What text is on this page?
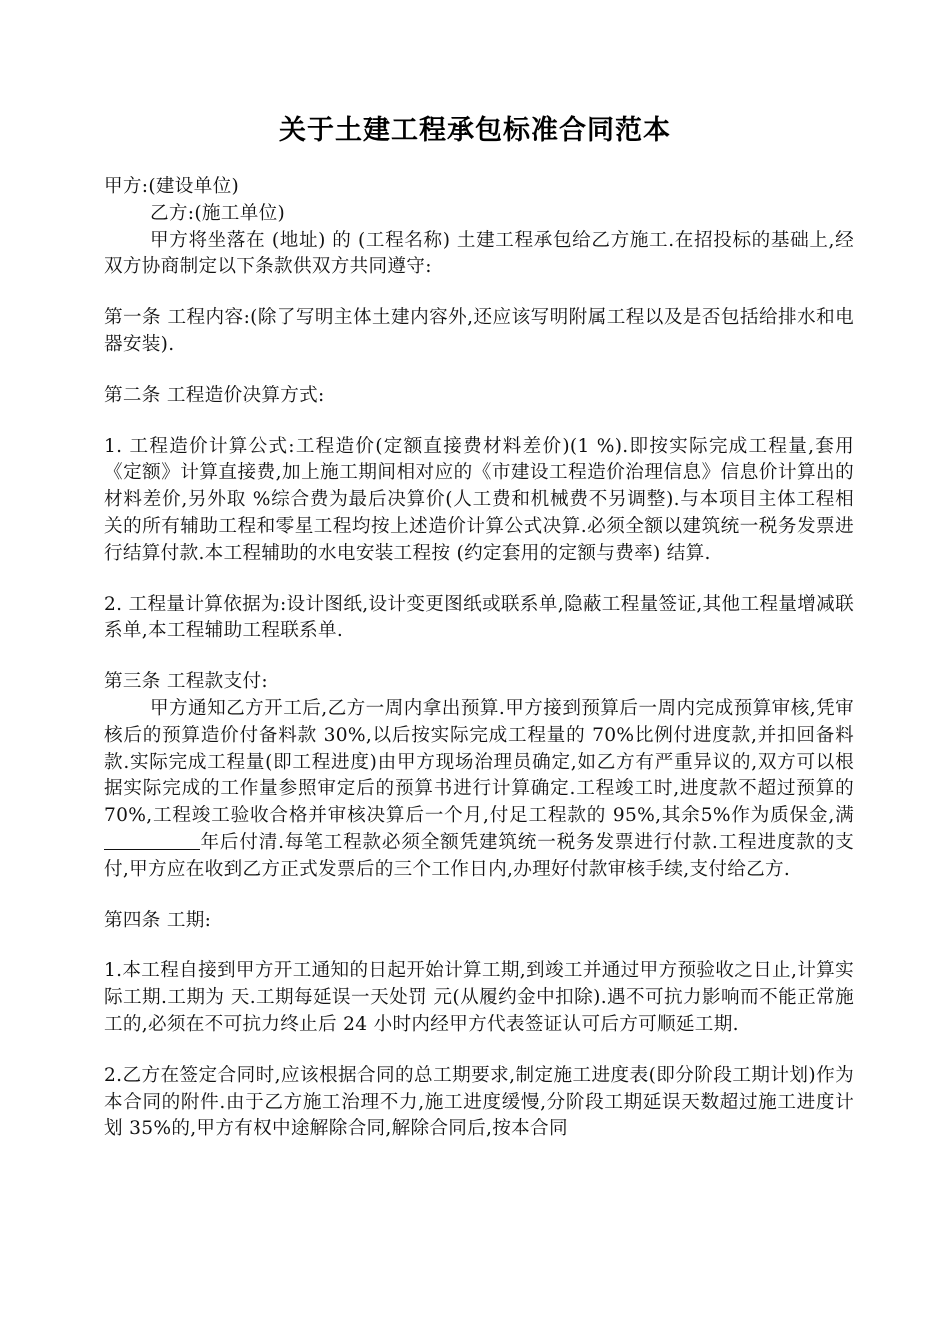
关于土建工程承包标准合同范本

甲方:(建设单位)

乙方:(施工单位)

甲方将坐落在 (地址) 的 (工程名称) 土建工程承包给乙方施工.在招投标的基础上,经双方协商制定以下条款供双方共同遵守:

第一条 工程内容:(除了写明主体土建内容外,还应该写明附属工程以及是否包括给排水和电器安装).

第二条 工程造价决算方式:

1. 工程造价计算公式:工程造价(定额直接费材料差价)(1 %).即按实际完成工程量,套用《定额》计算直接费,加上施工期间相对应的《市建设工程造价治理信息》信息价计算出的材料差价,另外取 %综合费为最后决算价(人工费和机械费不另调整).与本项目主体工程相关的所有辅助工程和零星工程均按上述造价计算公式决算.必须全额以建筑统一税务发票进行结算付款.本工程辅助的水电安装工程按 (约定套用的定额与费率) 结算.

2. 工程量计算依据为:设计图纸,设计变更图纸或联系单,隐蔽工程量签证,其他工程量增减联系单,本工程辅助工程联系单.

第三条 工程款支付:

甲方通知乙方开工后,乙方一周内拿出预算.甲方接到预算后一周内完成预算审核,凭审核后的预算造价付备料款 30%,以后按实际完成工程量的 70%比例付进度款,并扣回备料款.实际完成工程量(即工程进度)由甲方现场治理员确定,如乙方有严重异议的,双方可以根据实际完成的工作量参照审定后的预算书进行计算确定.工程竣工时,进度款不超过预算的 70%,工程竣工验收合格并审核决算后一个月,付足工程款的 95%,其余5%作为质保金,满年后付清.每笔工程款必须全额凭建筑统一税务发票进行付款.工程进度款的支付,甲方应在收到乙方正式发票后的三个工作日内,办理好付款审核手续,支付给乙方.

第四条 工期:

1.本工程自接到甲方开工通知的日起开始计算工期,到竣工并通过甲方预验收之日止,计算实际工期.工期为 天.工期每延误一天处罚 元(从履约金中扣除).遇不可抗力影响而不能正常施工的,必须在不可抗力终止后 24 小时内经甲方代表签证认可后方可顺延工期.

2.乙方在签定合同时,应该根据合同的总工期要求,制定施工进度表(即分阶段工期计划)作为本合同的附件.由于乙方施工治理不力,施工进度缓慢,分阶段工期延误天数超过施工进度计划 35%的,甲方有权中途解除合同,解除合同后,按本合同
